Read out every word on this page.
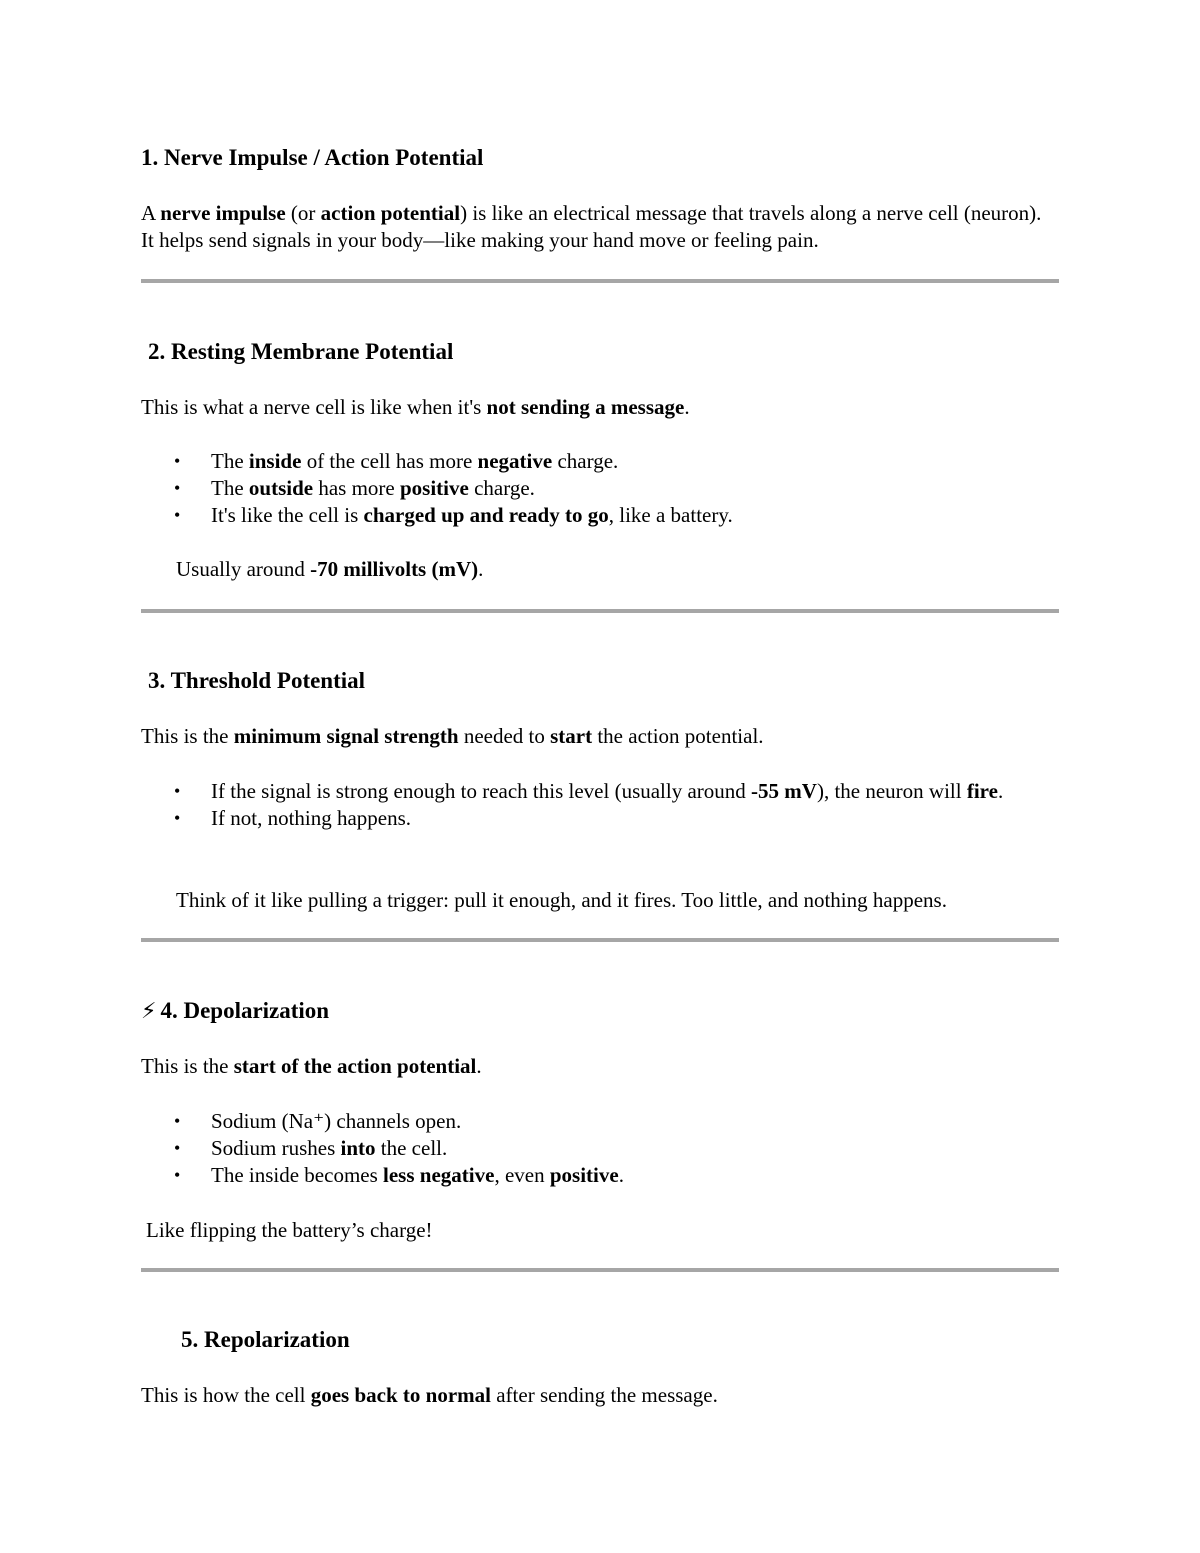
1. Nerve Impulse / Action Potential

A nerve impulse (or action potential) is like an electrical message that travels along a nerve cell (neuron). It helps send signals in your body—like making your hand move or feeling pain.

2. Resting Membrane Potential

This is what a nerve cell is like when it's not sending a message.

• The inside of the cell has more negative charge.
• The outside has more positive charge.
• It's like the cell is charged up and ready to go, like a battery.

Usually around -70 millivolts (mV).

3. Threshold Potential

This is the minimum signal strength needed to start the action potential.

• If the signal is strong enough to reach this level (usually around -55 mV), the neuron will fire.
• If not, nothing happens.

Think of it like pulling a trigger: pull it enough, and it fires. Too little, and nothing happens.

⚡ 4. Depolarization

This is the start of the action potential.

• Sodium (Na⁺) channels open.
• Sodium rushes into the cell.
• The inside becomes less negative, even positive.

Like flipping the battery’s charge!

5. Repolarization

This is how the cell goes back to normal after sending the message.
